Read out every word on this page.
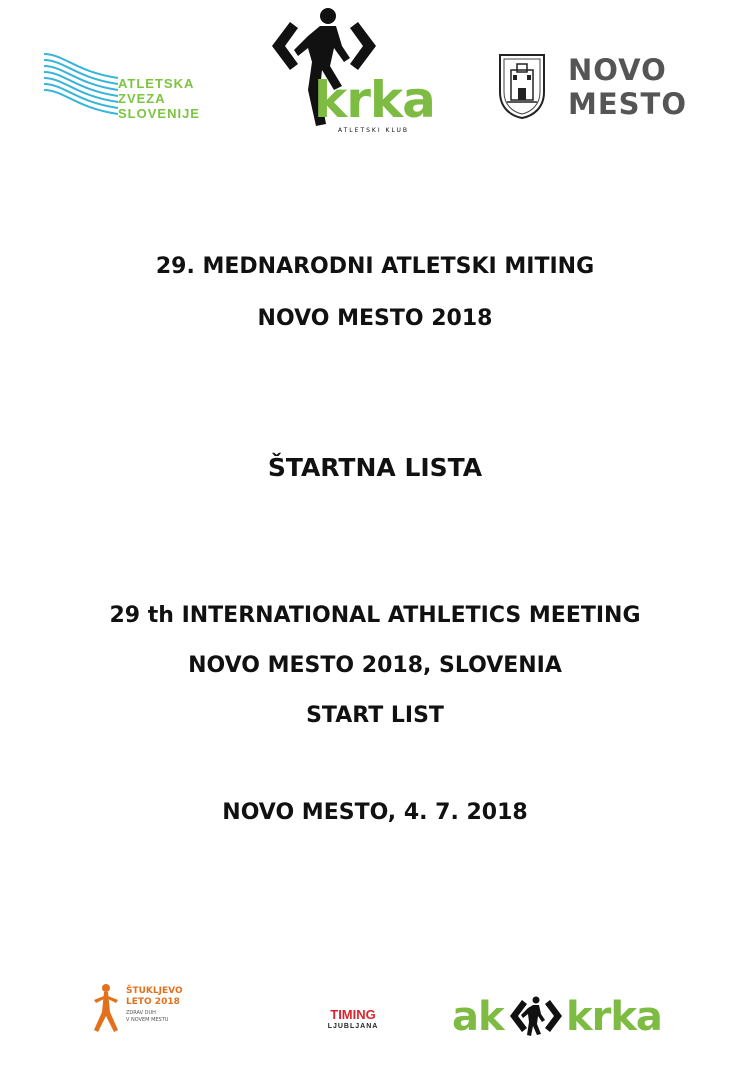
ATLETSKA
ZVEZA
SLOVENIJE krka
ATLETSKI KLUB
NOVO
MESTO
29. MEDNARODNI ATLETSKI MITING
NOVO MESTO 2018
ŠTARTNA LISTA
29 th INTERNATIONAL ATHLETICS MEETING
NOVO MESTO 2018, SLOVENIA
START LIST
NOVO MESTO, 4. 7. 2018
ŠTUKLJEVO
LETO 2018
ZDRAV DUH
V NOVEM MESTU	TIMING
LJUBLJANA ak krka
